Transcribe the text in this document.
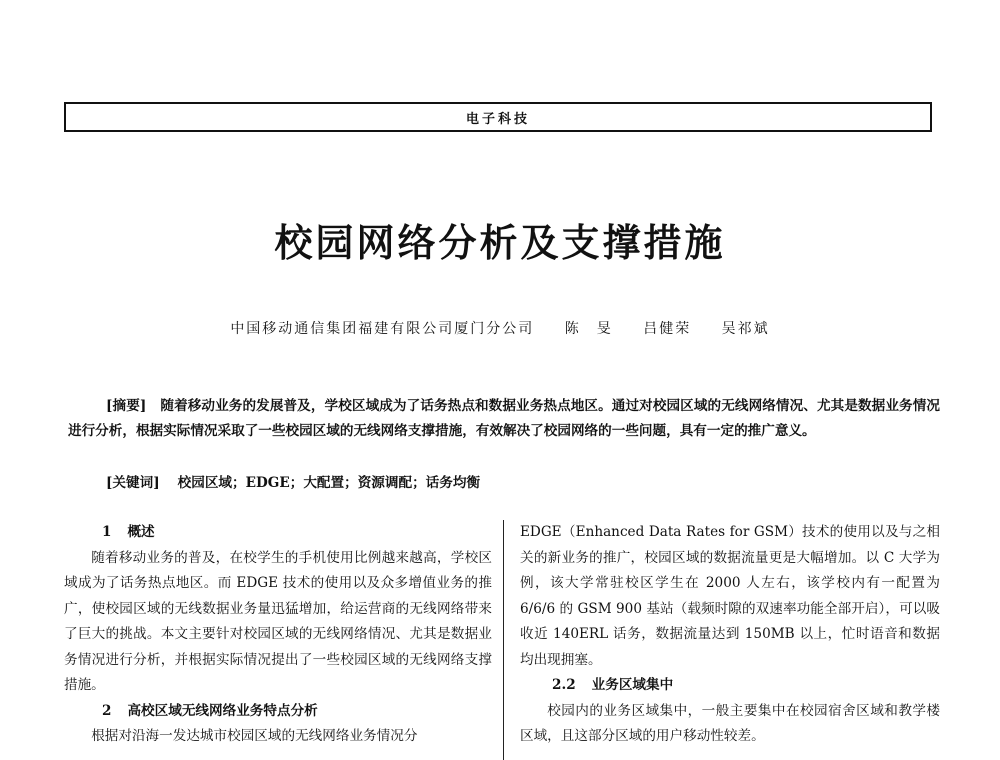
电子科技
校园网络分析及支撑措施
中国移动通信集团福建有限公司厦门分公司 陈　旻 吕健荣 吴祁斌
[摘要] 随着移动业务的发展普及，学校区域成为了话务热点和数据业务热点地区。通过对校园区域的无线网络情况、尤其是数据业务情况进行分析，根据实际情况采取了一些校园区域的无线网络支撑措施，有效解决了校园网络的一些问题，具有一定的推广意义。
[关键词] 校园区域；EDGE；大配置；资源调配；话务均衡

1 概述

随着移动业务的普及，在校学生的手机使用比例越来越高，学校区域成为了话务热点地区。而 EDGE 技术的使用以及众多增值业务的推广，使校园区域的无线数据业务量迅猛增加，给运营商的无线网络带来了巨大的挑战。本文主要针对校园区域的无线网络情况、尤其是数据业务情况进行分析，并根据实际情况提出了一些校园区域的无线网络支撑措施。

2 高校区域无线网络业务特点分析

根据对沿海一发达城市校园区域的无线网络业务情况分

EDGE（Enhanced Data Rates for GSM）技术的使用以及与之相关的新业务的推广，校园区域的数据流量更是大幅增加。以 C 大学为例，该大学常驻校区学生在 2000 人左右，该学校内有一配置为 6/6/6 的 GSM 900 基站（载频时隙的双速率功能全部开启），可以吸收近 140ERL 话务，数据流量达到 150MB 以上，忙时语音和数据均出现拥塞。

2.2 业务区域集中

校园内的业务区域集中，一般主要集中在校园宿舍区域和教学楼区域，且这部分区域的用户移动性较差。
